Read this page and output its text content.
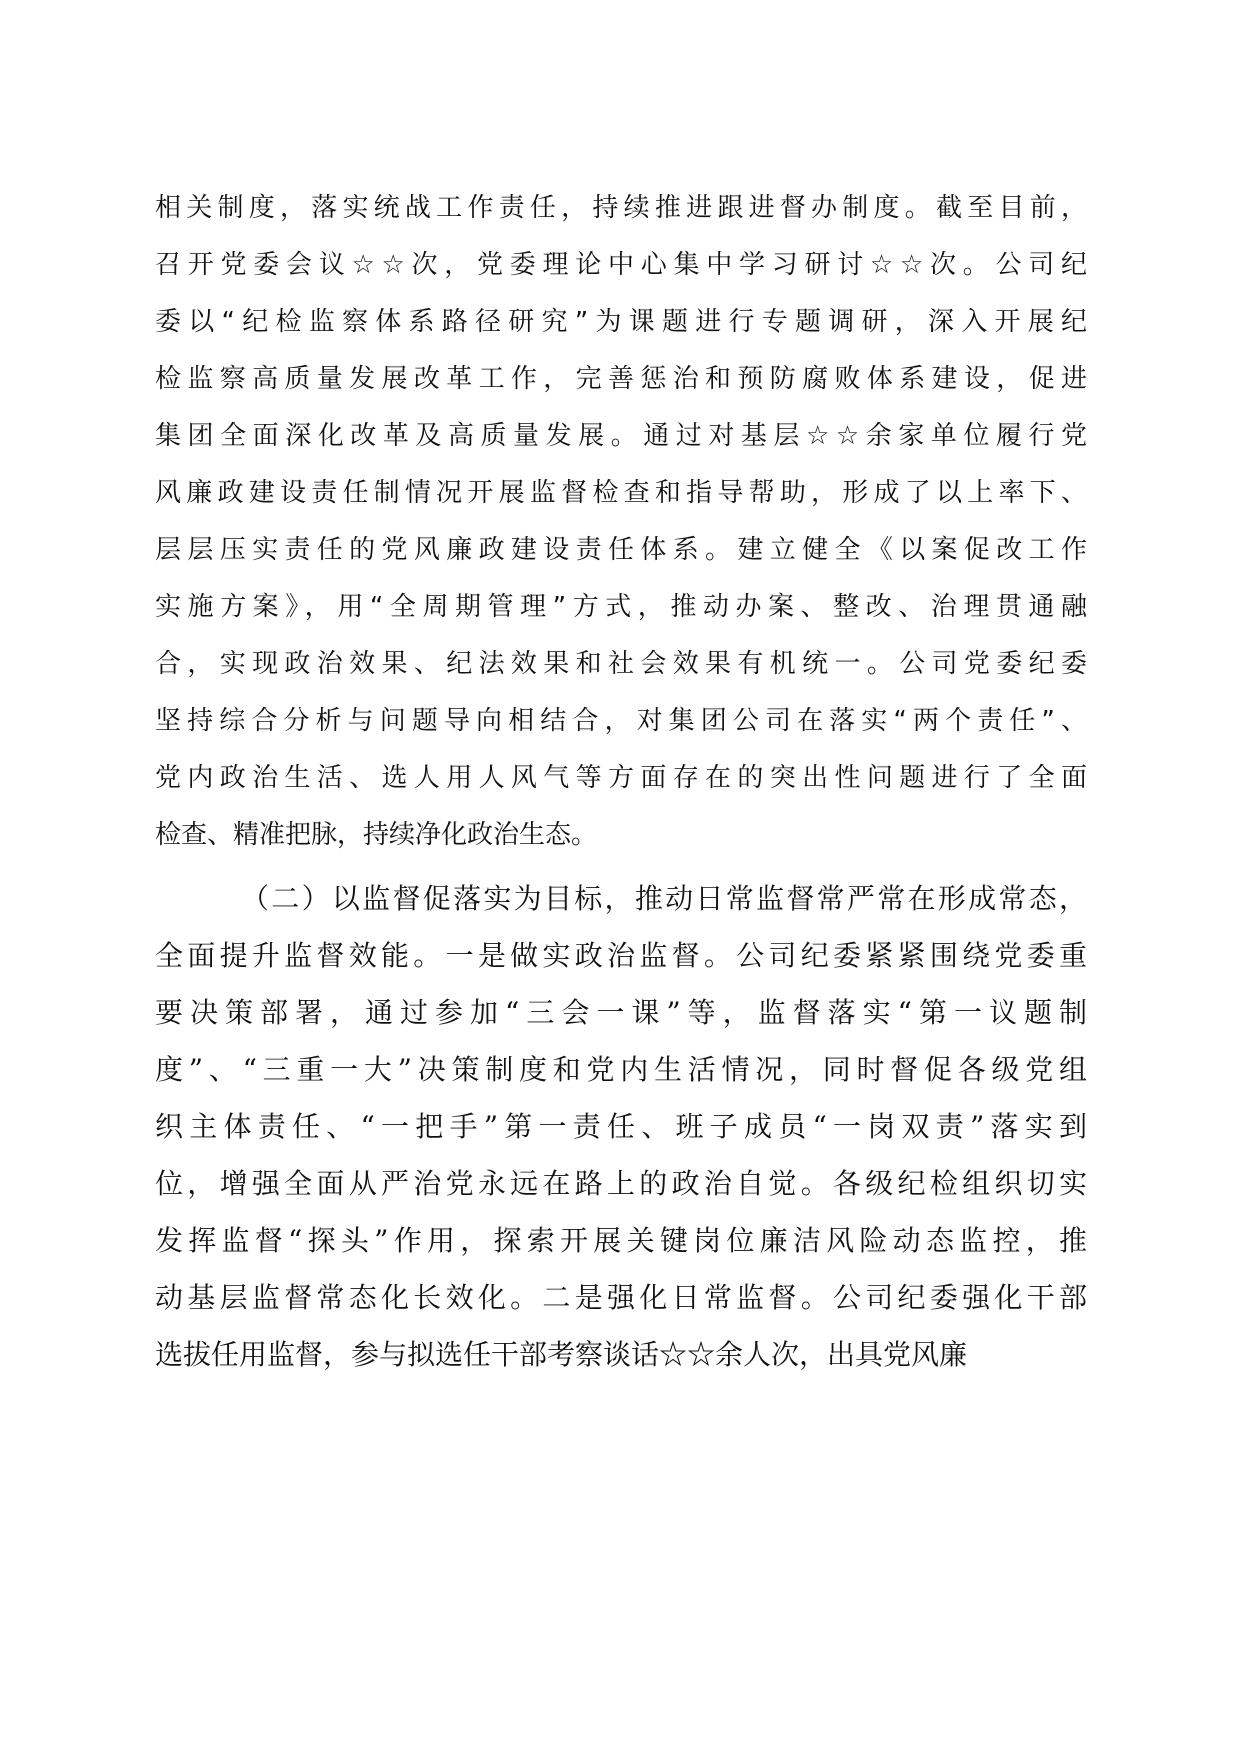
相关制度，落实统战工作责任，持续推进跟进督办制度。截至目前，
召开党委会议☆☆次，党委理论中心集中学习研讨☆☆次。公司纪
委以“纪检监察体系路径研究”为课题进行专题调研，深入开展纪
检监察高质量发展改革工作，完善惩治和预防腐败体系建设，促进
集团全面深化改革及高质量发展。通过对基层☆☆余家单位履行党
风廉政建设责任制情况开展监督检查和指导帮助，形成了以上率下、
层层压实责任的党风廉政建设责任体系。建立健全《以案促改工作
实施方案》，用“全周期管理”方式，推动办案、整改、治理贯通融
合，实现政治效果、纪法效果和社会效果有机统一。公司党委纪委
坚持综合分析与问题导向相结合，对集团公司在落实“两个责任”、
党内政治生活、选人用人风气等方面存在的突出性问题进行了全面
检查、精准把脉，持续净化政治生态。
（二）以监督促落实为目标，推动日常监督常严常在形成常态，
全面提升监督效能。一是做实政治监督。公司纪委紧紧围绕党委重
要决策部署，通过参加“三会一课”等，监督落实“第一议题制
度”、“三重一大”决策制度和党内生活情况，同时督促各级党组
织主体责任、“一把手”第一责任、班子成员“一岗双责”落实到
位，增强全面从严治党永远在路上的政治自觉。各级纪检组织切实
发挥监督“探头”作用，探索开展关键岗位廉洁风险动态监控，推
动基层监督常态化长效化。二是强化日常监督。公司纪委强化干部
选拔任用监督，参与拟选任干部考察谈话☆☆余人次，出具党风廉
